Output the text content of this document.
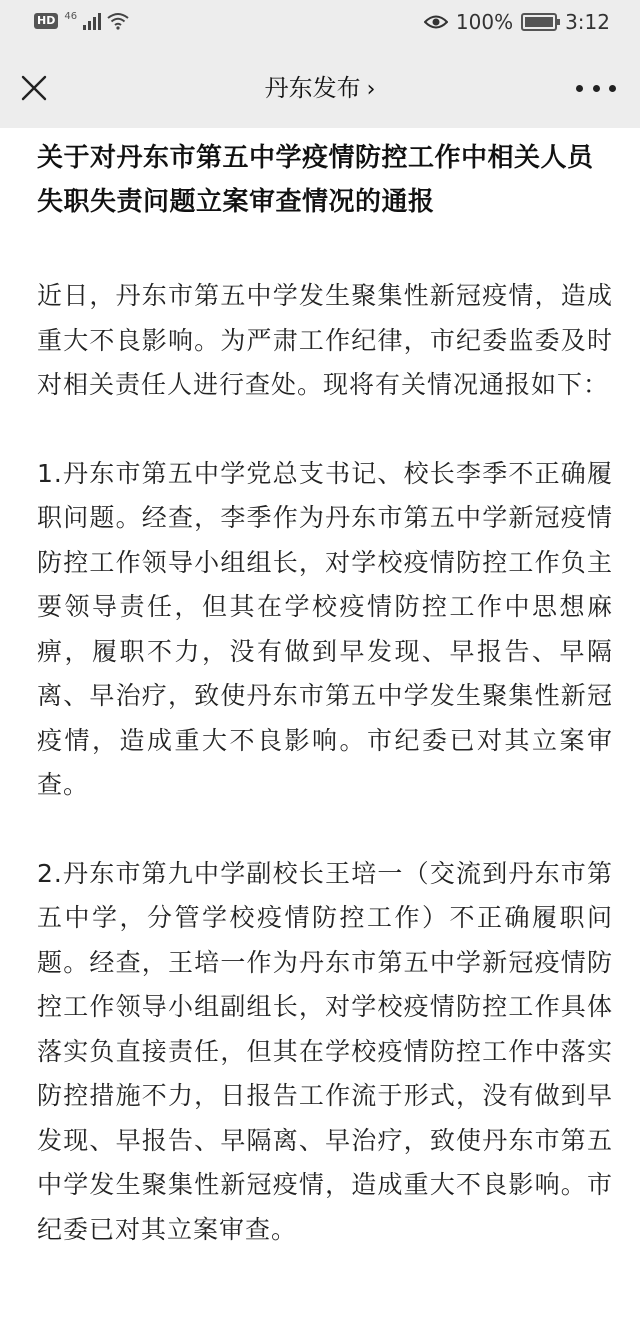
HD 46	100%	3:12
丹东发布 ›
关于对丹东市第五中学疫情防控工作中相关人员失职失责问题立案审查情况的通报

近日，丹东市第五中学发生聚集性新冠疫情，造成重大不良影响。为严肃工作纪律，市纪委监委及时对相关责任人进行查处。现将有关情况通报如下：

1.丹东市第五中学党总支书记、校长李季不正确履职问题。经查，李季作为丹东市第五中学新冠疫情防控工作领导小组组长，对学校疫情防控工作负主要领导责任，但其在学校疫情防控工作中思想麻痹，履职不力，没有做到早发现、早报告、早隔离、早治疗，致使丹东市第五中学发生聚集性新冠疫情，造成重大不良影响。市纪委已对其立案审查。

2.丹东市第九中学副校长王培一（交流到丹东市第五中学，分管学校疫情防控工作）不正确履职问题。经查，王培一作为丹东市第五中学新冠疫情防控工作领导小组副组长，对学校疫情防控工作具体落实负直接责任，但其在学校疫情防控工作中落实防控措施不力，日报告工作流于形式，没有做到早发现、早报告、早隔离、早治疗，致使丹东市第五中学发生聚集性新冠疫情，造成重大不良影响。市纪委已对其立案审查。
